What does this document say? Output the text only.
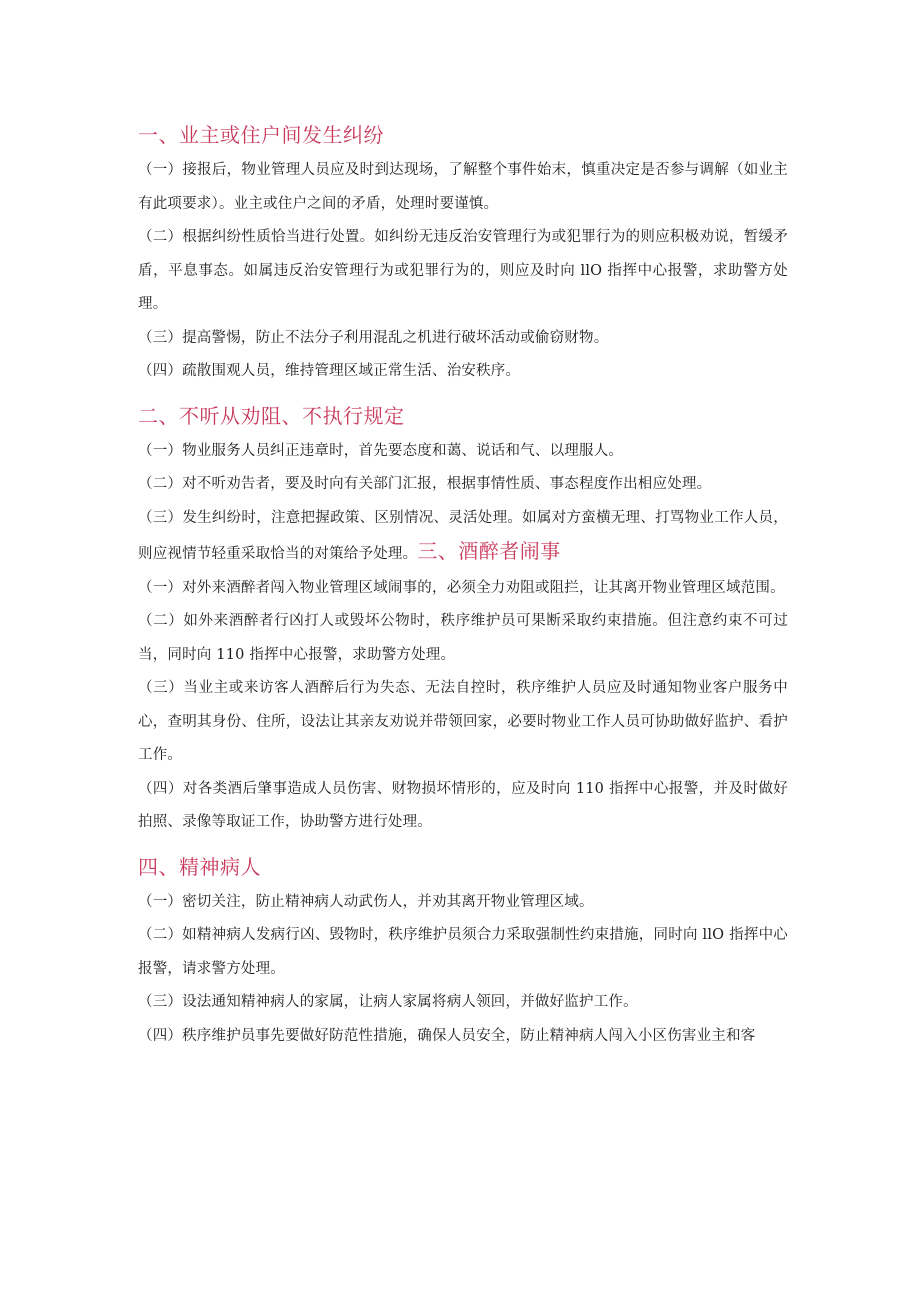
一、业主或住户间发生纠纷

（一）接报后，物业管理人员应及时到达现场，了解整个事件始末，慎重决定是否参与调解（如业主有此项要求）。业主或住户之间的矛盾，处理时要谨慎。

（二）根据纠纷性质恰当进行处置。如纠纷无违反治安管理行为或犯罪行为的则应积极劝说，暂缓矛盾，平息事态。如属违反治安管理行为或犯罪行为的，则应及时向 llO 指挥中心报警，求助警方处理。

（三）提高警惕，防止不法分子利用混乱之机进行破坏活动或偷窃财物。

（四）疏散围观人员，维持管理区域正常生活、治安秩序。

二、不听从劝阻、不执行规定

（一）物业服务人员纠正违章时，首先要态度和蔼、说话和气、以理服人。

（二）对不听劝告者，要及时向有关部门汇报，根据事情性质、事态程度作出相应处理。

（三）发生纠纷时，注意把握政策、区别情况、灵活处理。如属对方蛮横无理、打骂物业工作人员，则应视情节轻重采取恰当的对策给予处理。三、酒醉者闹事

（一）对外来酒醉者闯入物业管理区域闹事的，必须全力劝阻或阻拦，让其离开物业管理区域范围。

（二）如外来酒醉者行凶打人或毁坏公物时，秩序维护员可果断采取约束措施。但注意约束不可过当，同时向 110 指挥中心报警，求助警方处理。

（三）当业主或来访客人酒醉后行为失态、无法自控时，秩序维护人员应及时通知物业客户服务中心，查明其身份、住所，设法让其亲友劝说并带领回家，必要时物业工作人员可协助做好监护、看护工作。

（四）对各类酒后肇事造成人员伤害、财物损坏情形的，应及时向 110 指挥中心报警，并及时做好拍照、录像等取证工作，协助警方进行处理。

四、精神病人

（一）密切关注，防止精神病人动武伤人，并劝其离开物业管理区域。

（二）如精神病人发病行凶、毁物时，秩序维护员须合力采取强制性约束措施，同时向 llO 指挥中心报警，请求警方处理。

（三）设法通知精神病人的家属，让病人家属将病人领回，并做好监护工作。

（四）秩序维护员事先要做好防范性措施，确保人员安全，防止精神病人闯入小区伤害业主和客
